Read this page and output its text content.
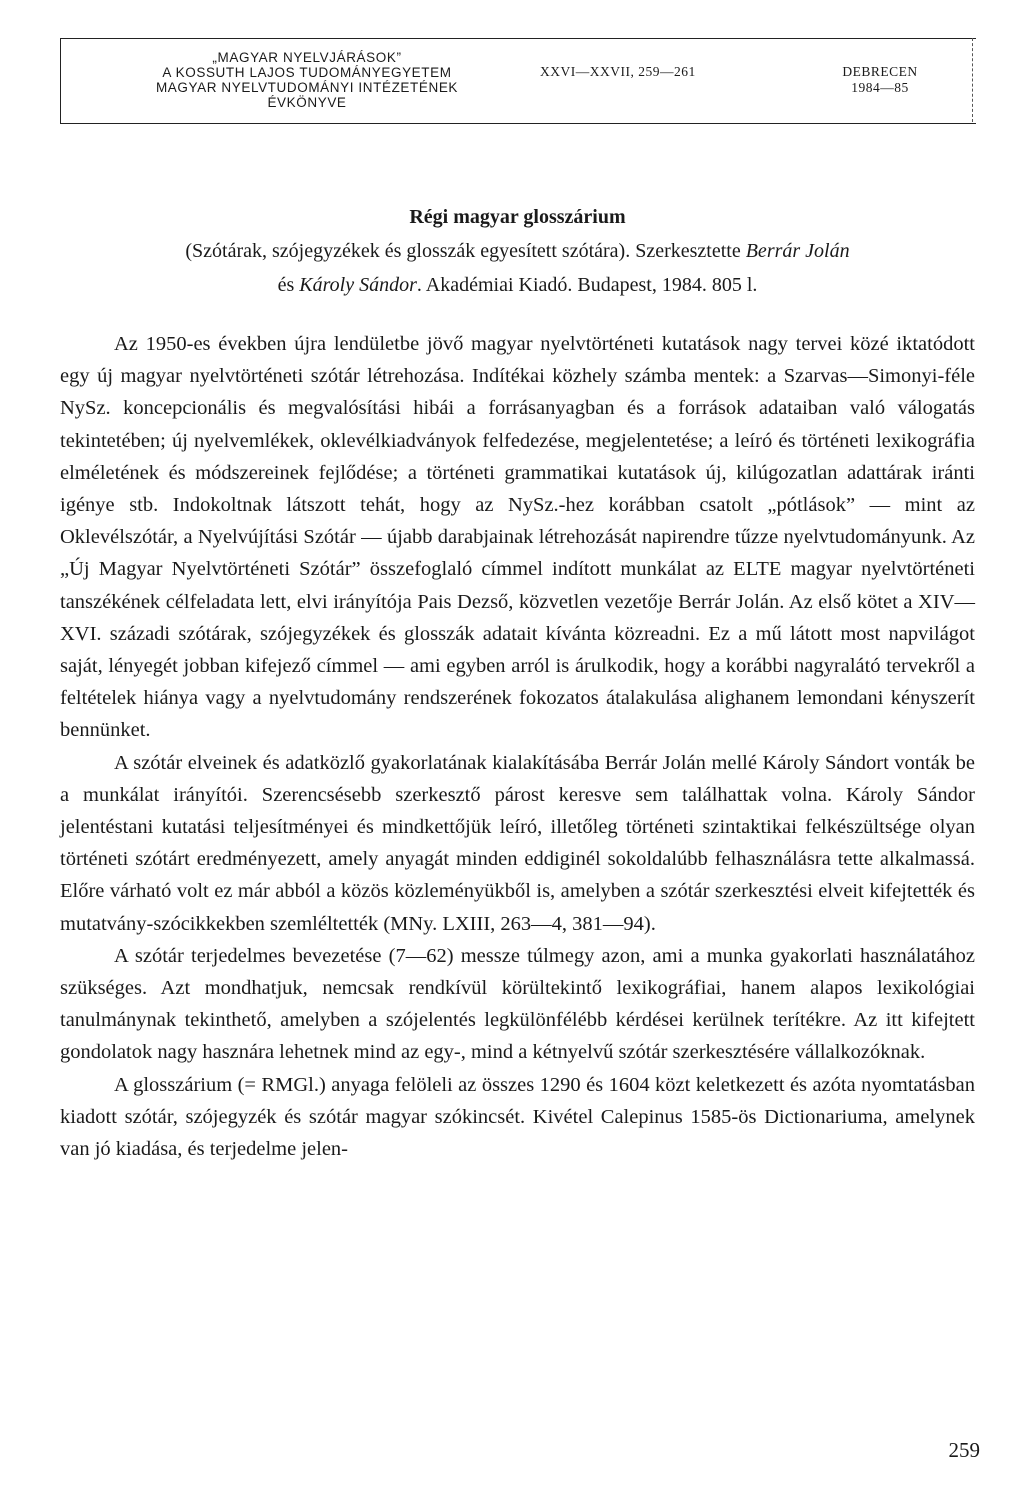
„MAGYAR NYELVJÁRÁSOK”
A KOSSUTH LAJOS TUDOMÁNYEGYETEM
MAGYAR NYELVTUDOMÁNYI INTÉZETÉNEK
ÉVKÖNYVE
XXVI—XXVII, 259—261	DEBRECEN
1984—85
Régi magyar glosszárium
(Szótárak, szójegyzékek és glosszák egyesített szótára). Szerkesztette Berrár Jolán
és Károly Sándor. Akadémiai Kiadó. Budapest, 1984. 805 l.

Az 1950-es években újra lendületbe jövő magyar nyelvtörténeti kutatások nagy tervei közé iktatódott egy új magyar nyelvtörténeti szótár létrehozása. Indítékai közhely számba mentek: a Szarvas—Simonyi-féle NySz. koncepcionális és megvalósítási hibái a forrásanyagban és a források adataiban való válogatás tekintetében; új nyelvemlékek, oklevélkiadványok felfedezése, megjelentetése; a leíró és történeti lexikográfia elméletének és módszereinek fejlődése; a történeti grammatikai kutatások új, kilúgozatlan adattárak iránti igénye stb. Indokoltnak látszott tehát, hogy az NySz.-hez korábban csatolt „pótlások” — mint az Oklevélszótár, a Nyelvújítási Szótár — újabb darabjainak létrehozását napirendre tűzze nyelvtudományunk. Az „Új Magyar Nyelvtörténeti Szótár” összefoglaló címmel indított munkálat az ELTE magyar nyelvtörténeti tanszékének célfeladata lett, elvi irányítója Pais Dezső, közvetlen vezetője Berrár Jolán. Az első kötet a XIV—XVI. századi szótárak, szójegyzékek és glosszák adatait kívánta közreadni. Ez a mű látott most napvilágot saját, lényegét jobban kifejező címmel — ami egyben arról is árulkodik, hogy a korábbi nagyralátó tervekről a feltételek hiánya vagy a nyelvtudomány rendszerének fokozatos átalakulása alighanem lemondani kényszerít bennünket.

A szótár elveinek és adatközlő gyakorlatának kialakításába Berrár Jolán mellé Károly Sándort vonták be a munkálat irányítói. Szerencsésebb szerkesztő párost keresve sem találhattak volna. Károly Sándor jelentéstani kutatási teljesítményei és mindkettőjük leíró, illetőleg történeti szintaktikai felkészültsége olyan történeti szótárt eredményezett, amely anyagát minden eddiginél sokoldalúbb felhasználásra tette alkalmassá. Előre várható volt ez már abból a közös közleményükből is, amelyben a szótár szerkesztési elveit kifejtették és mutatvány-szócikkekben szemléltették (MNy. LXIII, 263—4, 381—94).

A szótár terjedelmes bevezetése (7—62) messze túlmegy azon, ami a munka gyakorlati használatához szükséges. Azt mondhatjuk, nemcsak rendkívül körültekintő lexikográfiai, hanem alapos lexikológiai tanulmánynak tekinthető, amelyben a szójelentés legkülönfélébb kérdései kerülnek terítékre. Az itt kifejtett gondolatok nagy hasznára lehetnek mind az egy-, mind a kétnyelvű szótár szerkesztésére vállalkozóknak.

A glosszárium (= RMGl.) anyaga felöleli az összes 1290 és 1604 közt keletkezett és azóta nyomtatásban kiadott szótár, szójegyzék és szótár magyar szókincsét. Kivétel Calepinus 1585-ös Dictionariuma, amelynek van jó kiadása, és terjedelme jelen-

259
